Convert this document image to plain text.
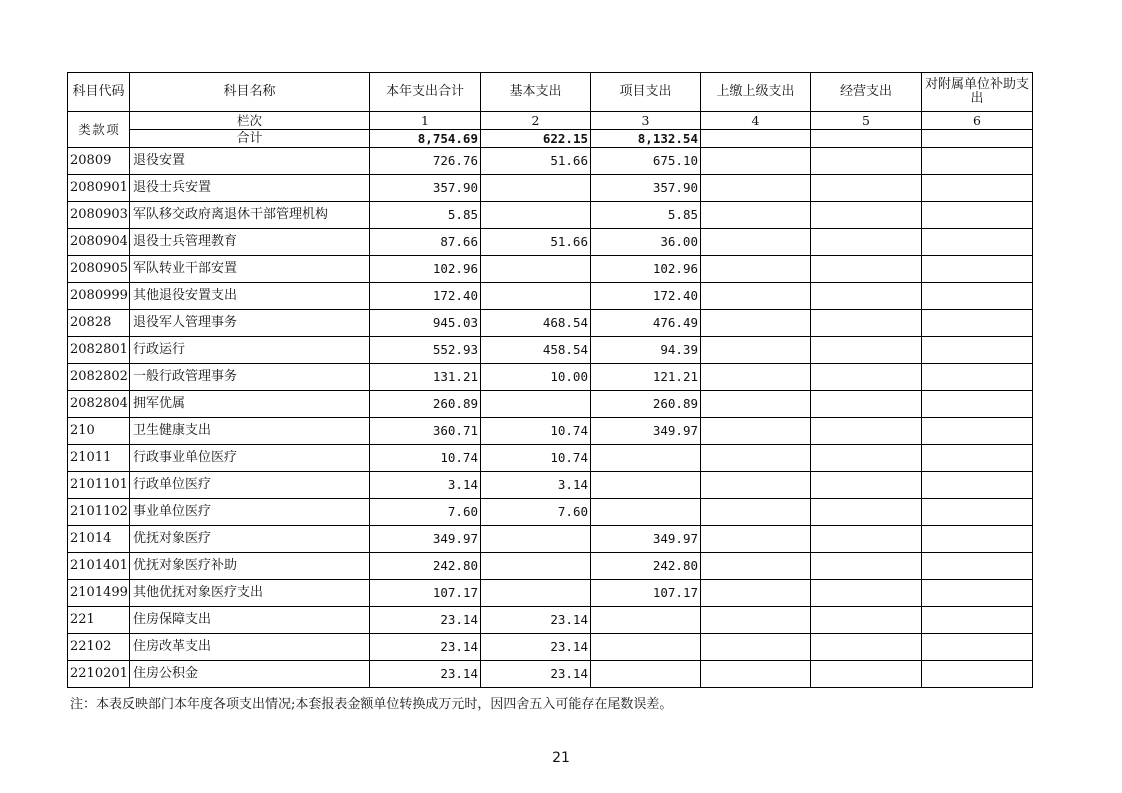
科目代码	科目名称	本年支出合计	基本支出	项目支出	上缴上级支出	经营支出	对附属单位补助支出
类款项	栏次	1	2	3	4	5	6
	合计	8,754.69	622.15	8,132.54			
20809	退役安置	726.76	51.66	675.10			
2080901	退役士兵安置	357.90		357.90			
2080903	军队移交政府离退休干部管理机构	5.85		5.85			
2080904	退役士兵管理教育	87.66	51.66	36.00			
2080905	军队转业干部安置	102.96		102.96			
2080999	其他退役安置支出	172.40		172.40			
20828	退役军人管理事务	945.03	468.54	476.49			
2082801	行政运行	552.93	458.54	94.39			
2082802	一般行政管理事务	131.21	10.00	121.21			
2082804	拥军优属	260.89		260.89			
210	卫生健康支出	360.71	10.74	349.97			
21011	行政事业单位医疗	10.74	10.74				
2101101	行政单位医疗	3.14	3.14				
2101102	事业单位医疗	7.60	7.60				
21014	优抚对象医疗	349.97		349.97			
2101401	优抚对象医疗补助	242.80		242.80			
2101499	其他优抚对象医疗支出	107.17		107.17			
221	住房保障支出	23.14	23.14				
22102	住房改革支出	23.14	23.14				
2210201	住房公积金	23.14	23.14				
注：本表反映部门本年度各项支出情况;本套报表金额单位转换成万元时，因四舍五入可能存在尾数误差。
21
